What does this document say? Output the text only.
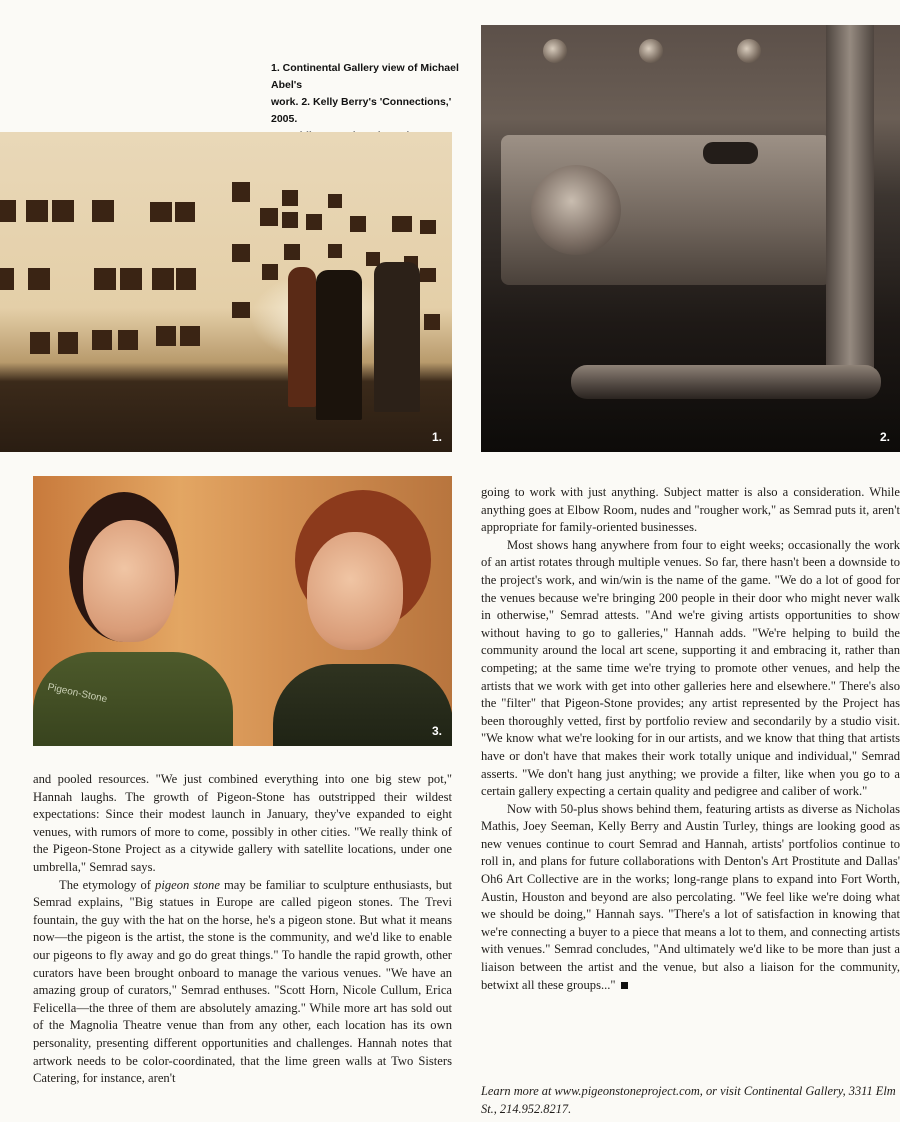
1. Continental Gallery view of Michael Abel's
work. 2. Kelly Berry's 'Connections,' 2005.
1.	2.
Pigeon-Stone
3.

and pooled resources. "We just combined everything into one big stew pot," Hannah laughs. The growth of Pigeon-Stone has outstripped their wildest expectations: Since their modest launch in January, they've expanded to eight venues, with rumors of more to come, possibly in other cities. "We really think of the Pigeon-Stone Project as a citywide gallery with satellite locations, under one umbrella," Semrad says.

The etymology of pigeon stone may be familiar to sculpture enthusiasts, but Semrad explains, "Big statues in Europe are called pigeon stones. The Trevi fountain, the guy with the hat on the horse, he's a pigeon stone. But what it means now—the pigeon is the artist, the stone is the community, and we'd like to enable our pigeons to fly away and go do great things." To handle the rapid growth, other curators have been brought onboard to manage the various venues. "We have an amazing group of curators," Semrad enthuses. "Scott Horn, Nicole Cullum, Erica Felicella—the three of them are absolutely amazing." While more art has sold out of the Magnolia Theatre venue than from any other, each location has its own personality, presenting different opportunities and challenges. Hannah notes that artwork needs to be color-coordinated, that the lime green walls at Two Sisters Catering, for instance, aren't

going to work with just anything. Subject matter is also a consideration. While anything goes at Elbow Room, nudes and "rougher work," as Semrad puts it, aren't appropriate for family-oriented businesses.

Most shows hang anywhere from four to eight weeks; occasionally the work of an artist rotates through multiple venues. So far, there hasn't been a downside to the project's work, and win/win is the name of the game. "We do a lot of good for the venues because we're bringing 200 people in their door who might never walk in otherwise," Semrad attests. "And we're giving artists opportunities to show without having to go to galleries," Hannah adds. "We're helping to build the community around the local art scene, supporting it and embracing it, rather than competing; at the same time we're trying to promote other venues, and help the artists that we work with get into other galleries here and elsewhere." There's also the "filter" that Pigeon-Stone provides; any artist represented by the Project has been thoroughly vetted, first by portfolio review and secondarily by a studio visit. "We know what we're looking for in our artists, and we know that thing that artists have or don't have that makes their work totally unique and individual," Semrad asserts. "We don't hang just anything; we provide a filter, like when you go to a certain gallery expecting a certain quality and pedigree and caliber of work."

Now with 50-plus shows behind them, featuring artists as diverse as Nicholas Mathis, Joey Seeman, Kelly Berry and Austin Turley, things are looking good as new venues continue to court Semrad and Hannah, artists' portfolios continue to roll in, and plans for future collaborations with Denton's Art Prostitute and Dallas' Oh6 Art Collective are in the works; long-range plans to expand into Fort Worth, Austin, Houston and beyond are also percolating. "We feel like we're doing what we should be doing," Hannah says. "There's a lot of satisfaction in knowing that we're connecting a buyer to a piece that means a lot to them, and connecting artists with venues." Semrad concludes, "And ultimately we'd like to be more than just a liaison between the artist and the venue, but also a liaison for the community, betwixt all these groups..."

Learn more at www.pigeonstoneproject.com, or visit Continental Gallery, 3311 Elm
St., 214.952.8217.
